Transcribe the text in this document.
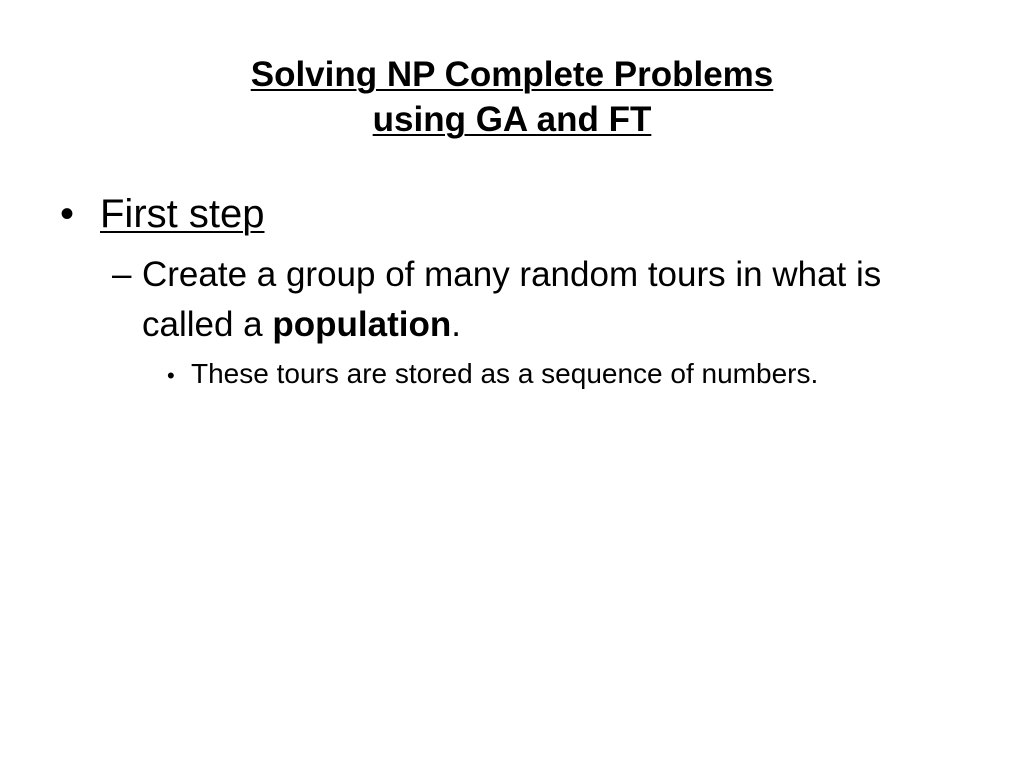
Solving NP Complete Problems
using GA and FT
• First step
– Create a group of many random tours in what is called a population.
• These tours are stored as a sequence of numbers.
